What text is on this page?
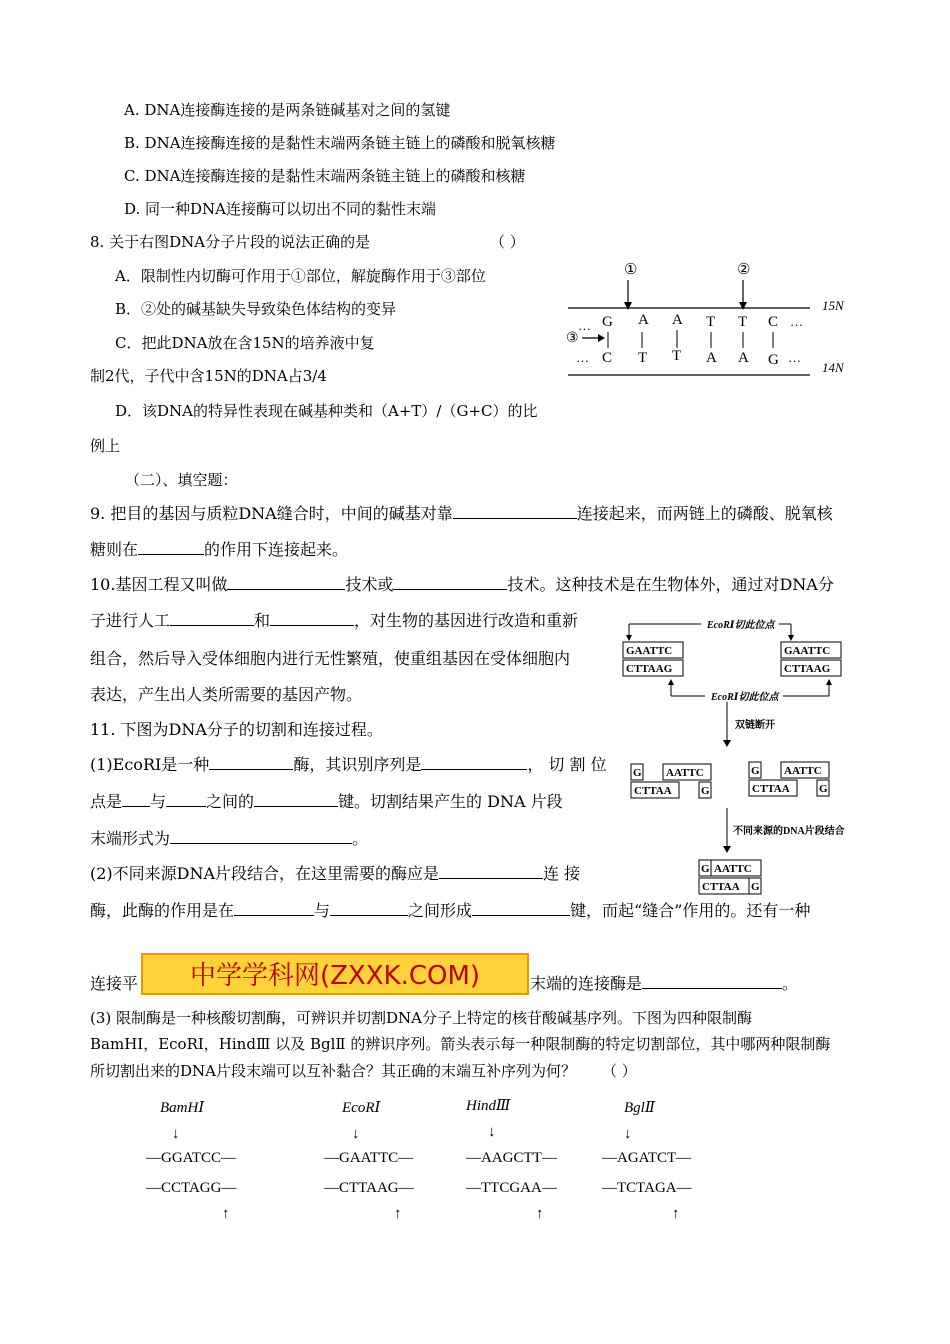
A. DNA连接酶连接的是两条链碱基对之间的氢键
B. DNA连接酶连接的是黏性末端两条链主链上的磷酸和脱氧核糖
C. DNA连接酶连接的是黏性末端两条链主链上的磷酸和核糖
D. 同一种DNA连接酶可以切出不同的黏性末端
8. 关于右图DNA分子片段的说法正确的是	（ ）
A．限制性内切酶可作用于①部位，解旋酶作用于③部位
B．②处的碱基缺失导致染色体结构的变异
C．把此DNA放在含15N的培养液中复
制2代，子代中含15N的DNA占3/4
D．该DNA的特异性表现在碱基种类和（A+T）/（G+C）的比
例上
①	②
15N
14N
…
③
…
G A A T T C …
C T T A A G …
（二）、填空题：
9. 把目的基因与质粒DNA缝合时，中间的碱基对靠	连接起来，而两链上的磷酸、脱氧核
糖则在	的作用下连接起来。
10.基因工程又叫做	技术或	技术。这种技术是在生物体外，通过对DNA分
子进行人工	和	，对生物的基因进行改造和重新
组合，然后导入受体细胞内进行无性繁殖，使重组基因在受体细胞内
表达，产生出人类所需要的基因产物。
11. 下图为DNA分子的切割和连接过程。
(1)EcoRI是一种	酶，其识别序列是	， 切 割 位
点是 与	之间的	键。切割结果产生的 DNA 片段
末端形式为	。
(2)不同来源DNA片段结合，在这里需要的酶应是	连 接
酶，此酶的作用是在	与	之间形成	键，而起“缝合”作用的。还有一种
连接平	末端的连接酶是	。
中学学科网(ZXXK.COM)
(3) 限制酶是一种核酸切割酶，可辨识并切割DNA分子上特定的核苷酸碱基序列。下图为四种限制酶
BamHI，EcoRI，HindⅢ 以及 BglⅡ 的辨识序列。箭头表示每一种限制酶的特定切割部位，其中哪两种限制酶
所切割出来的DNA片段末端可以互补黏合？其正确的末端互补序列为何？ （ ）
EcoRⅠ切此位点
GAATTC
CTTAAG
GAATTC
CTTAAG
EcoRⅠ切此位点
双链断开
G AATTC
CTTAA	G
G AATTC
CTTAA	G
不同来源的DNA片段结合
G AATTC
CTTAA G
BamHⅠ	EcoRⅠ	HindⅢ	BglⅡ
↓	↓	↓	↓
—GGATCC—	—GAATTC—	—AAGCTT—	—AGATCT—
—CCTAGG—	—CTTAAG—	—TTCGAA—	—TCTAGA—
↑	↑	↑	↑
